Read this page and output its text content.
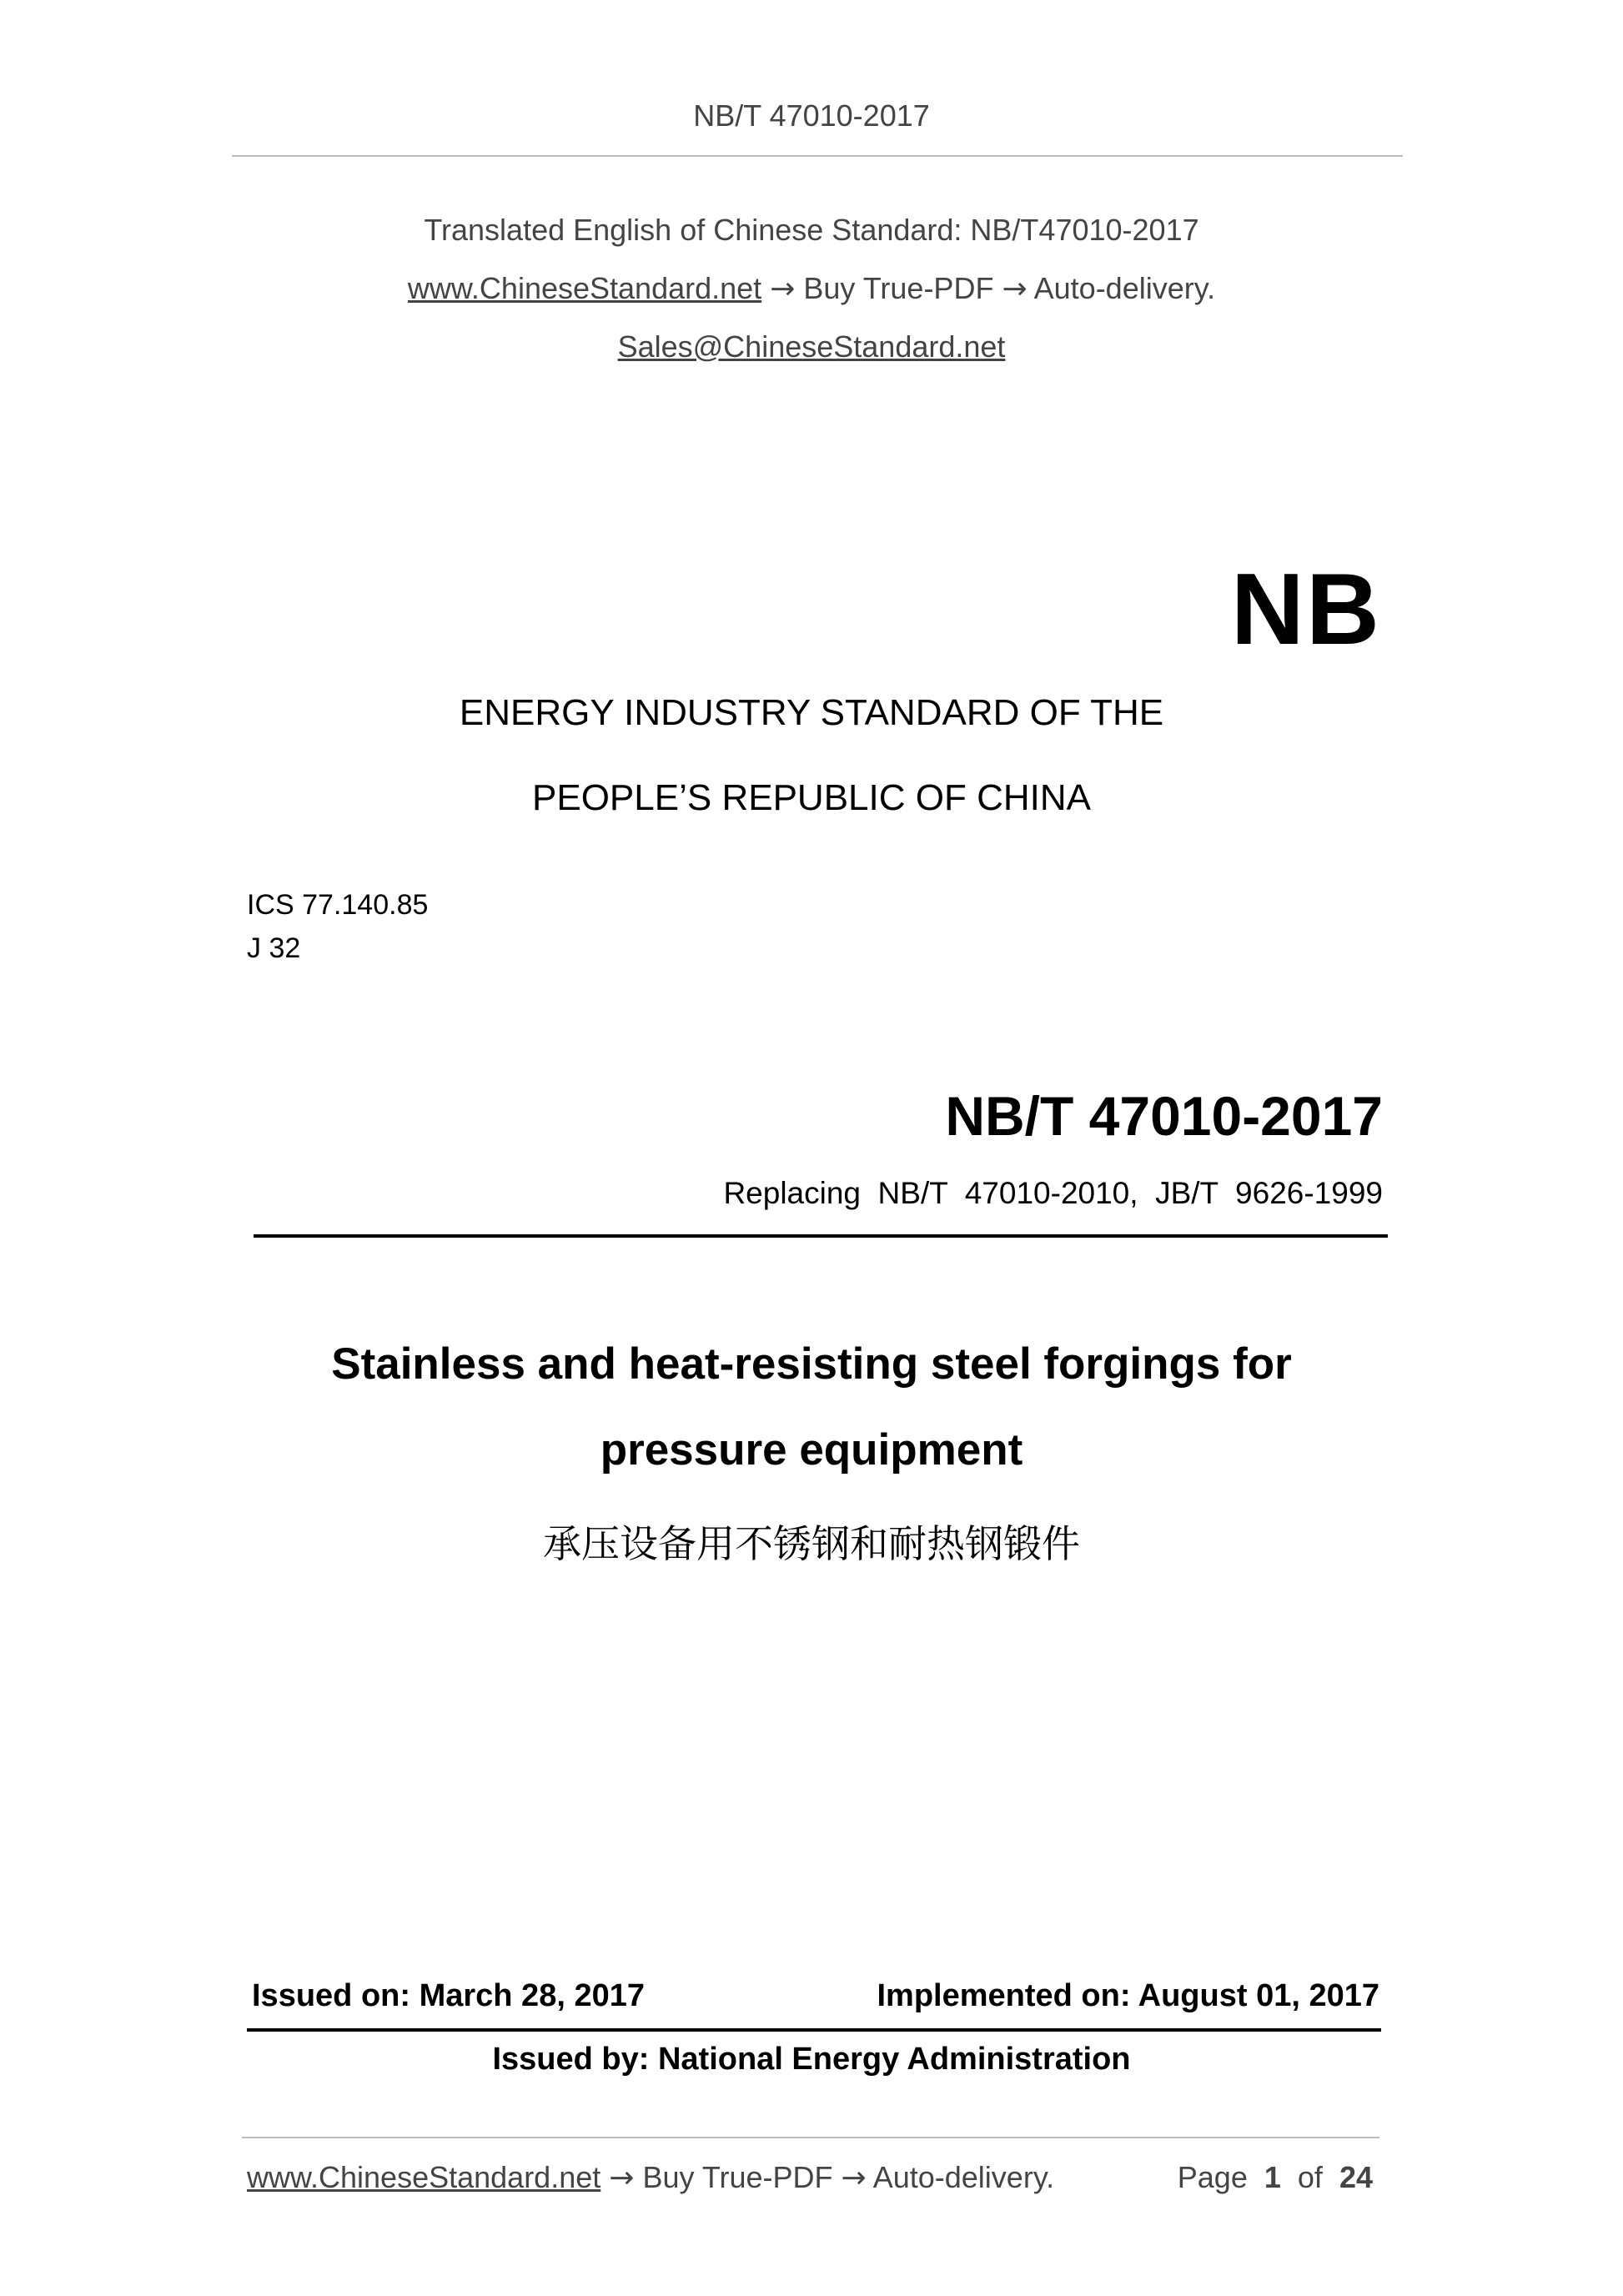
NB/T 47010-2017
Translated English of Chinese Standard: NB/T47010-2017
www.ChineseStandard.net → Buy True-PDF → Auto-delivery.
Sales@ChineseStandard.net
NB
ENERGY INDUSTRY STANDARD OF THE
PEOPLE’S REPUBLIC OF CHINA
ICS 77.140.85
J 32
NB/T 47010-2017
Replacing  NB/T  47010-2010,  JB/T  9626-1999
Stainless and heat-resisting steel forgings for
pressure equipment
承压设备用不锈钢和耐热钢锻件
Issued on: March 28, 2017	Implemented on: August 01, 2017
Issued by: National Energy Administration
www.ChineseStandard.net → Buy True-PDF → Auto-delivery.	Page 1 of 24
